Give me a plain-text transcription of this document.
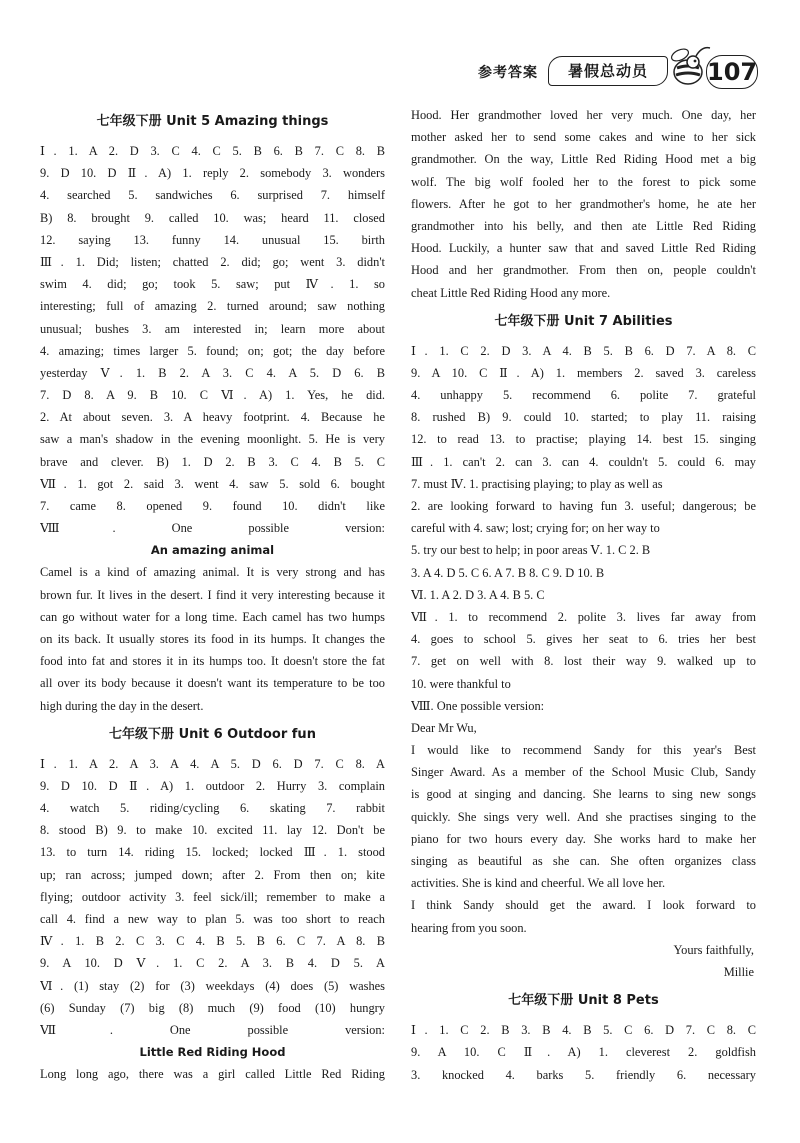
参考答案	暑假总动员	107
七年级下册 Unit 5 Amazing things
Ⅰ. 1. A 2. D 3. C 4. C 5. B 6. B 7. C 8. B
9. D 10. D Ⅱ. A) 1. reply 2. somebody 3. wonders
4. searched 5. sandwiches 6. surprised 7. himself
B) 8. brought 9. called 10. was; heard 11. closed
12. saying 13. funny 14. unusual 15. birth
Ⅲ. 1. Did; listen; chatted 2. did; go; went 3. didn't
swim 4. did; go; took 5. saw; put Ⅳ. 1. so
interesting; full of amazing 2. turned around; saw nothing
unusual; bushes 3. am interested in; learn more about
4. amazing; times larger 5. found; on; got; the day before
yesterday Ⅴ. 1. B 2. A 3. C 4. A 5. D 6. B
7. D 8. A 9. B 10. C Ⅵ. A) 1. Yes, he did.
2. At about seven. 3. A heavy footprint. 4. Because he
saw a man's shadow in the evening moonlight. 5. He is very
brave and clever. B) 1. D 2. B 3. C 4. B 5. C
Ⅶ. 1. got 2. said 3. went 4. saw 5. sold 6. bought
7. came 8. opened 9. found 10. didn't like
Ⅷ. One possible version:
An amazing animal
Camel is a kind of amazing animal. It is very strong and has
brown fur. It lives in the desert. I find it very interesting because it
can go without water for a long time. Each camel has two humps
on its back. It usually stores its food in its humps. It changes the
food into fat and stores it in its humps too. It doesn't store the fat
all over its body because it doesn't want its temperature to be too
high during the day in the desert.
七年级下册 Unit 6 Outdoor fun
Ⅰ. 1. A 2. A 3. A 4. A 5. D 6. D 7. C 8. A
9. D 10. D Ⅱ. A) 1. outdoor 2. Hurry 3. complain
4. watch 5. riding/cycling 6. skating 7. rabbit
8. stood B) 9. to make 10. excited 11. lay 12. Don't be
13. to turn 14. riding 15. locked; locked Ⅲ. 1. stood
up; ran across; jumped down; after 2. From then on; kite
flying; outdoor activity 3. feel sick/ill; remember to make a
call 4. find a new way to plan 5. was too short to reach
Ⅳ. 1. B 2. C 3. C 4. B 5. B 6. C 7. A 8. B
9. A 10. D Ⅴ. 1. C 2. A 3. B 4. D 5. A
Ⅵ. (1) stay (2) for (3) weekdays (4) does (5) washes
(6) Sunday (7) big (8) much (9) food (10) hungry
Ⅶ. One possible version:
Little Red Riding Hood
Long long ago, there was a girl called Little Red Riding
Hood. Her grandmother loved her very much. One day, her
mother asked her to send some cakes and wine to her sick
grandmother. On the way, Little Red Riding Hood met a big
wolf. The big wolf fooled her to the forest to pick some
flowers. After he got to her grandmother's home, he ate her
grandmother into his belly, and then ate Little Red Riding
Hood. Luckily, a hunter saw that and saved Little Red Riding
Hood and her grandmother. From then on, people couldn't
cheat Little Red Riding Hood any more.
七年级下册 Unit 7 Abilities
Ⅰ. 1. C 2. D 3. A 4. B 5. B 6. D 7. A 8. C
9. A 10. C Ⅱ. A) 1. members 2. saved 3. careless
4. unhappy 5. recommend 6. polite 7. grateful
8. rushed B) 9. could 10. started; to play 11. raising
12. to read 13. to practise; playing 14. best 15. singing
Ⅲ. 1. can't 2. can 3. can 4. couldn't 5. could 6. may
7. must Ⅳ. 1. practising playing; to play as well as
2. are looking forward to having fun 3. useful; dangerous; be
careful with 4. saw; lost; crying for; on her way to
5. try our best to help; in poor areas Ⅴ. 1. C 2. B
3. A 4. D 5. C 6. A 7. B 8. C 9. D 10. B
Ⅵ. 1. A 2. D 3. A 4. B 5. C
Ⅶ. 1. to recommend 2. polite 3. lives far away from
4. goes to school 5. gives her seat to 6. tries her best
7. get on well with 8. lost their way 9. walked up to
10. were thankful to
Ⅷ. One possible version:
Dear Mr Wu,
I would like to recommend Sandy for this year's Best
Singer Award. As a member of the School Music Club, Sandy
is good at singing and dancing. She learns to sing new songs
quickly. She sings very well. And she practises singing to the
piano for two hours every day. She works hard to make her
singing as beautiful as she can. She often organizes class
activities. She is kind and cheerful. We all love her.
I think Sandy should get the award. I look forward to
hearing from you soon.
Yours faithfully,
Millie
七年级下册 Unit 8 Pets
Ⅰ. 1. C 2. B 3. B 4. B 5. C 6. D 7. C 8. C
9. A 10. C Ⅱ. A) 1. cleverest 2. goldfish
3. knocked 4. barks 5. friendly 6. necessary
